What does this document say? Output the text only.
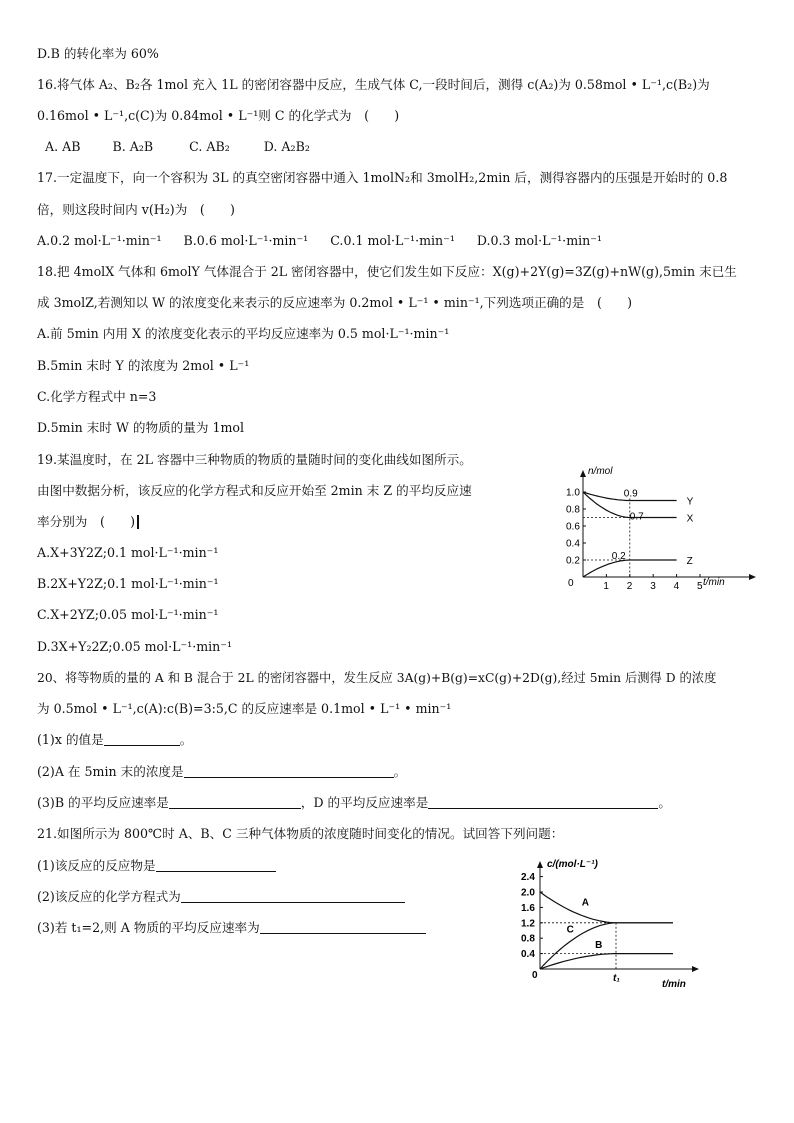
D.B 的转化率为 60%
16.将气体 A₂、B₂各 1mol 充入 1L 的密闭容器中反应，生成气体 C,一段时间后，测得 c(A₂)为 0.58mol • L⁻¹,c(B₂)为
0.16mol • L⁻¹,c(C)为 0.84mol • L⁻¹则 C 的化学式为　(　　)
A. AB	B. A₂B	C. AB₂	D. A₂B₂
17.一定温度下，向一个容积为 3L 的真空密闭容器中通入 1molN₂和 3molH₂,2min 后，测得容器内的压强是开始时的 0.8
倍，则这段时间内 v(H₂)为　(　　)
A.0.2 mol·L⁻¹·min⁻¹ B.0.6 mol·L⁻¹·min⁻¹ C.0.1 mol·L⁻¹·min⁻¹ D.0.3 mol·L⁻¹·min⁻¹
18.把 4molX 气体和 6molY 气体混合于 2L 密闭容器中，使它们发生如下反应：X(g)+2Y(g)=3Z(g)+nW(g),5min 末已生
成 3molZ,若测知以 W 的浓度变化来表示的反应速率为 0.2mol • L⁻¹ • min⁻¹,下列选项正确的是　(　　)
A.前 5min 内用 X 的浓度变化表示的平均反应速率为 0.5 mol·L⁻¹·min⁻¹
B.5min 末时 Y 的浓度为 2mol • L⁻¹
C.化学方程式中 n=3
D.5min 末时 W 的物质的量为 1mol
19.某温度时，在 2L 容器中三种物质的物质的量随时间的变化曲线如图所示。
由图中数据分析，该反应的化学方程式和反应开始至 2min 末 Z 的平均反应速
率分别为　(　　)
A.X+3Y2Z;0.1 mol·L⁻¹·min⁻¹
B.2X+Y2Z;0.1 mol·L⁻¹·min⁻¹
C.X+2YZ;0.05 mol·L⁻¹·min⁻¹
D.3X+Y₂2Z;0.05 mol·L⁻¹·min⁻¹
20、将等物质的量的 A 和 B 混合于 2L 的密闭容器中，发生反应 3A(g)+B(g)=xC(g)+2D(g),经过 5min 后测得 D 的浓度
为 0.5mol • L⁻¹,c(A):c(B)=3:5,C 的反应速率是 0.1mol • L⁻¹ • min⁻¹
(1)x 的值是	。
(2)A 在 5min 末的浓度是	。
(3)B 的平均反应速率是	，D 的平均反应速率是	。
21.如图所示为 800℃时 A、B、C 三种气体物质的浓度随时间变化的情况。试回答下列问题：
(1)该反应的反应物是
(2)该反应的化学方程式为
(3)若 t₁=2,则 A 物质的平均反应速率为
n/mol
t/min
0
1.0
0.8
0.6
0.4
0.2
1 2 3 4 5
Y
X
Z
0.9
0.7
0.2
c/(mol·L⁻¹)
t/min
0
2.4
2.0
1.6
1.2
0.8
0.4
t₁
A
C
B
